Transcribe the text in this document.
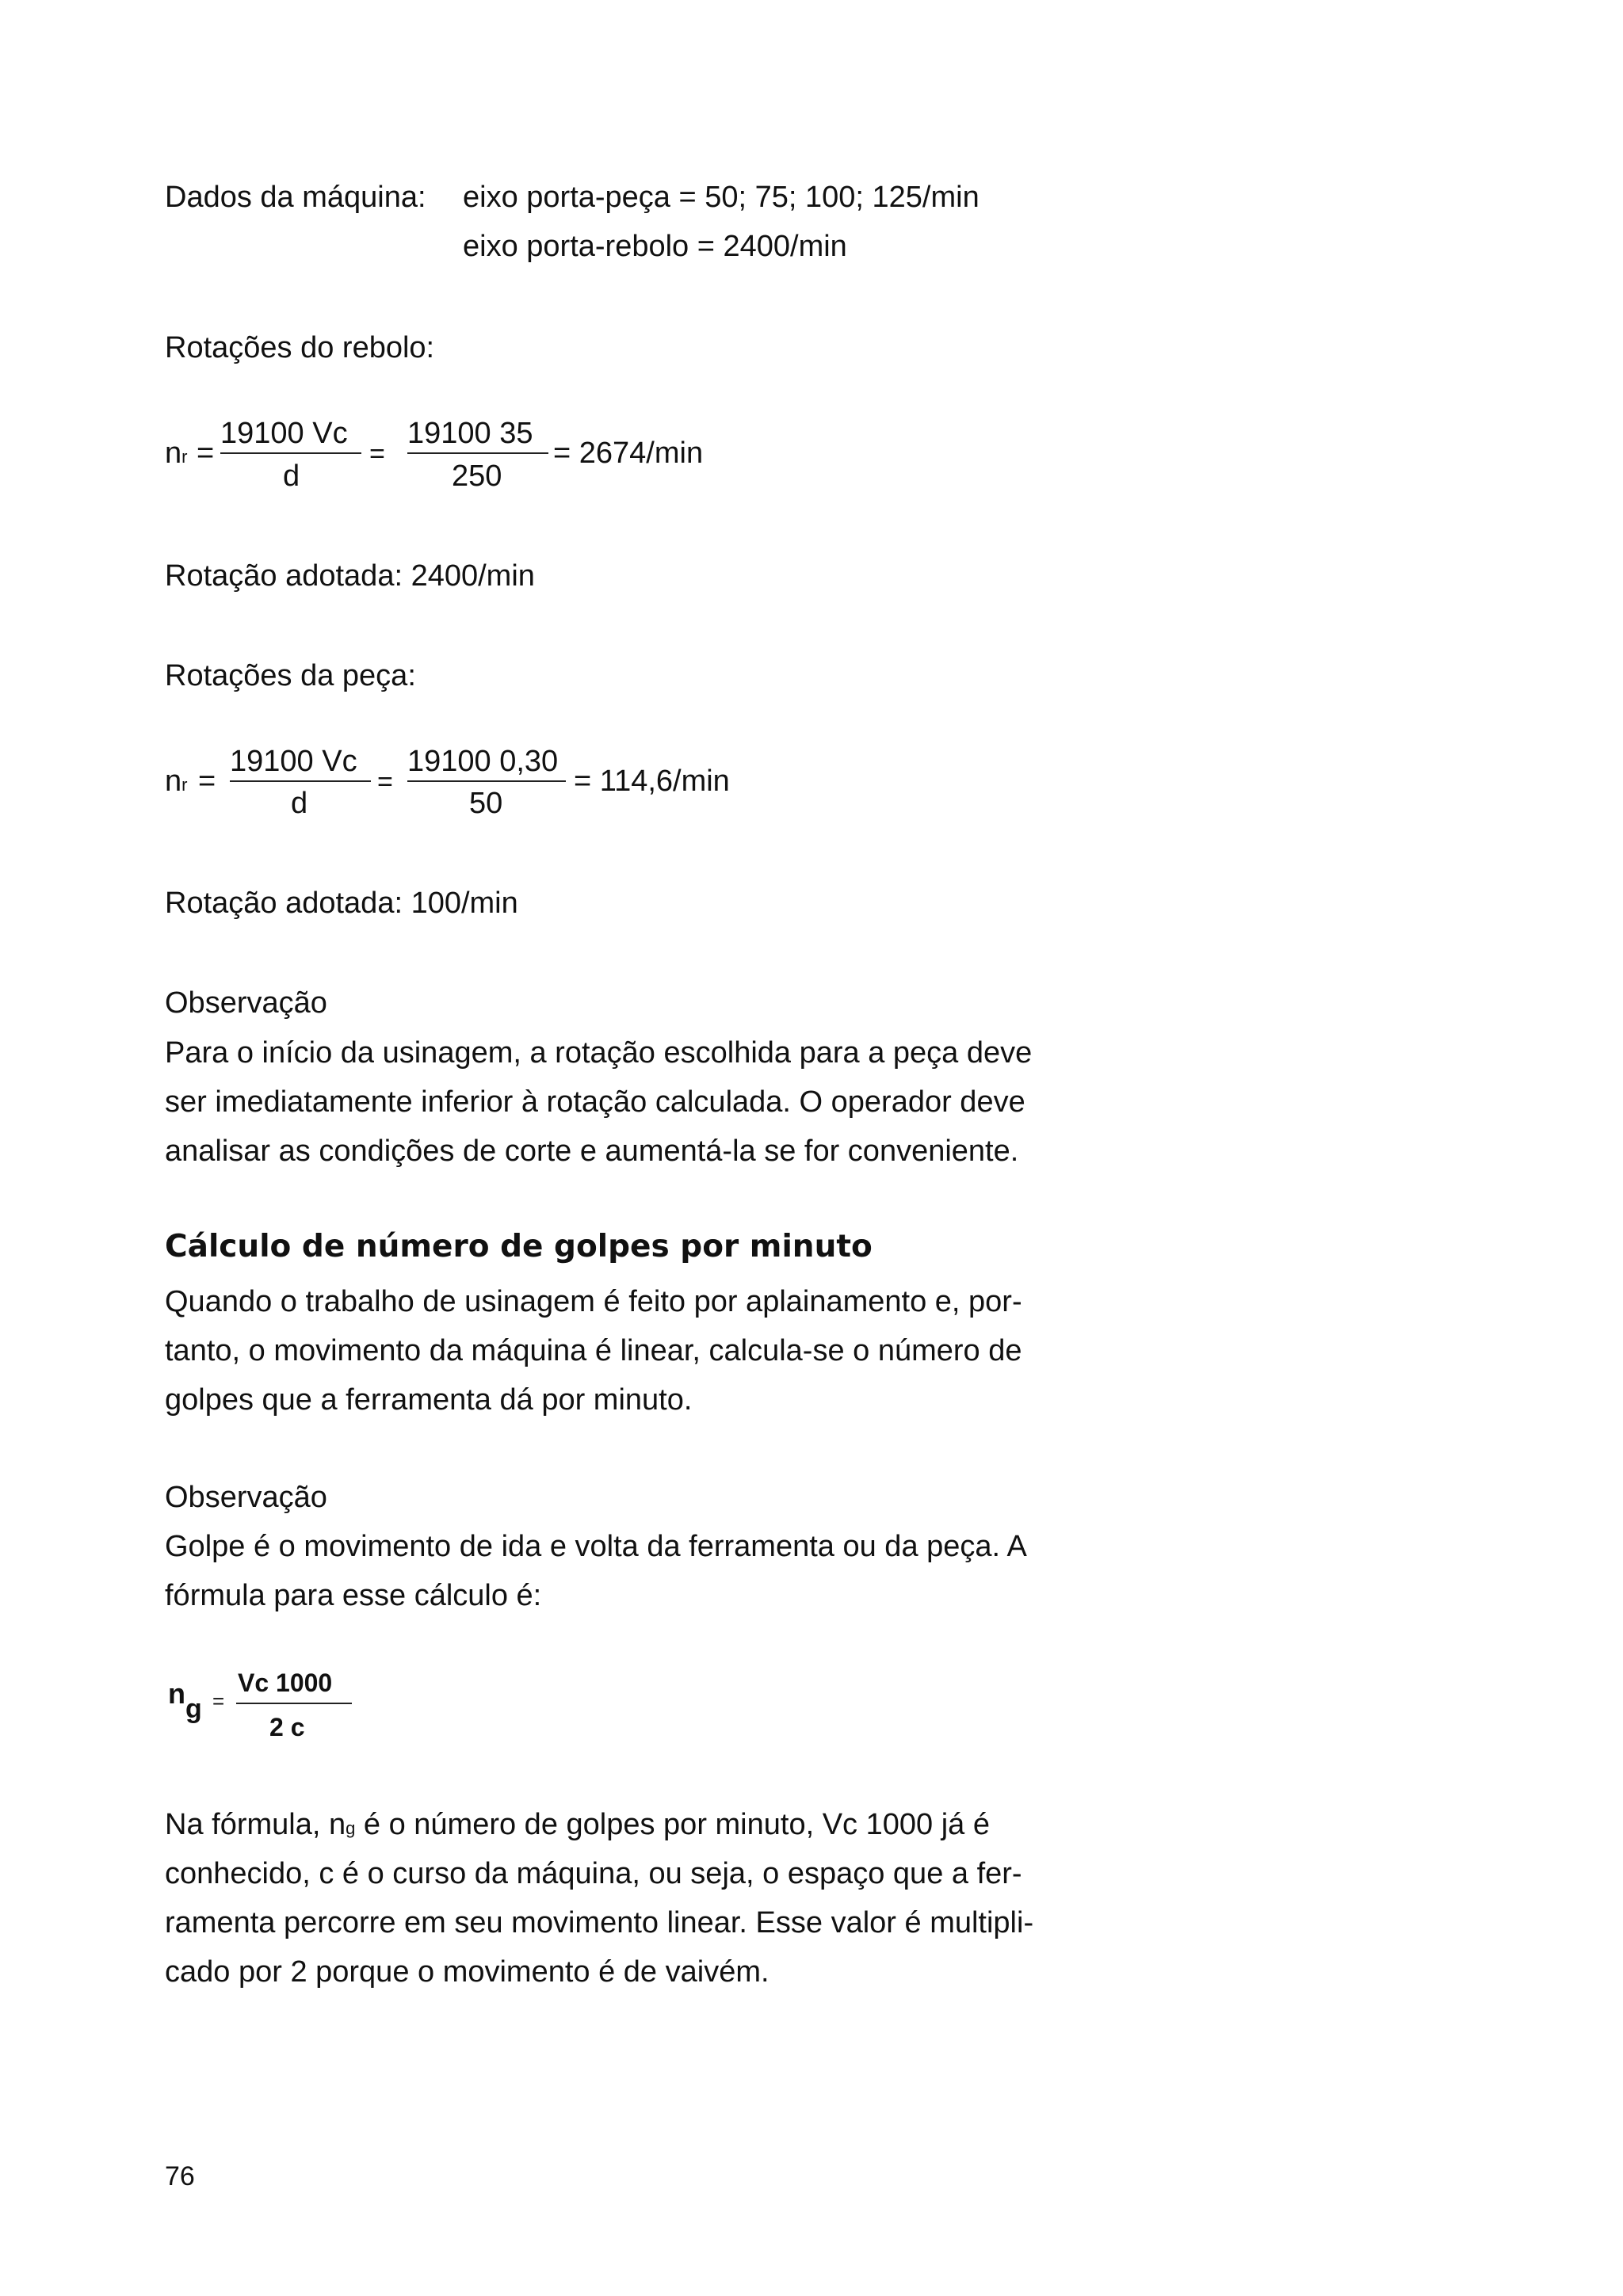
Dados da máquina: eixo porta-peça = 50; 75; 100; 125/min
eixo porta-rebolo = 2400/min
Rotações do rebolo:
nr =
19100 Vc
d
=
19100 35
250
= 2674/min
Rotação adotada: 2400/min
Rotações da peça:
nr =
19100 Vc
d
=
19100 0,30
50
= 114,6/min
Rotação adotada: 100/min
Observação
Para o início da usinagem, a rotação escolhida para a peça deve
ser imediatamente inferior à rotação calculada. O operador deve
analisar as condições de corte e aumentá-la se for conveniente.
Cálculo de número de golpes por minuto
Quando o trabalho de usinagem é feito por aplainamento e, por-
tanto, o movimento da máquina é linear, calcula-se o número de
golpes que a ferramenta dá por minuto.
Observação
Golpe é o movimento de ida e volta da ferramenta ou da peça. A
fórmula para esse cálculo é:
n g =
Vc 1000
2 c
Na fórmula, ng é o número de golpes por minuto, Vc 1000 já é
conhecido, c é o curso da máquina, ou seja, o espaço que a fer-
ramenta percorre em seu movimento linear. Esse valor é multipli-
cado por 2 porque o movimento é de vaivém.
76
